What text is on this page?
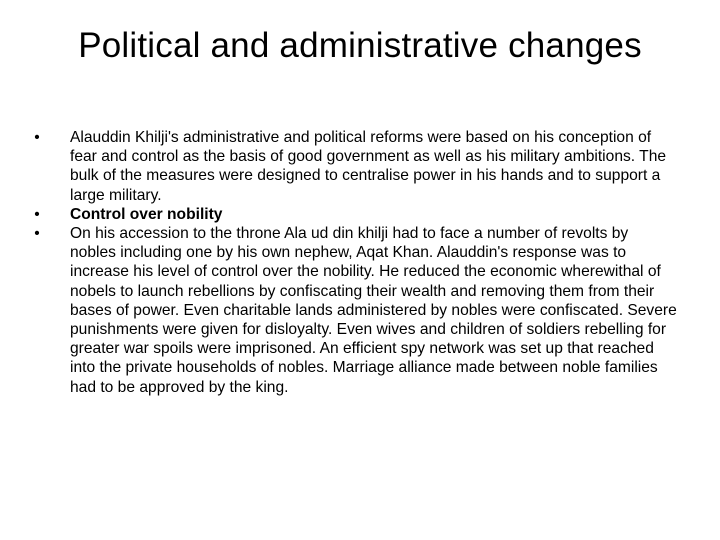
Political and administrative changes
• Alauddin Khilji's administrative and political reforms were based on his conception of fear and control as the basis of good government as well as his military ambitions. The bulk of the measures were designed to centralise power in his hands and to support a large military.
• Control over nobility
• On his accession to the throne Ala ud din khilji had to face a number of revolts by nobles including one by his own nephew, Aqat Khan. Alauddin's response was to increase his level of control over the nobility. He reduced the economic wherewithal of nobels to launch rebellions by confiscating their wealth and removing them from their bases of power. Even charitable lands administered by nobles were confiscated. Severe punishments were given for disloyalty. Even wives and children of soldiers rebelling for greater war spoils were imprisoned. An efficient spy network was set up that reached into the private households of nobles. Marriage alliance made between noble families had to be approved by the king.
